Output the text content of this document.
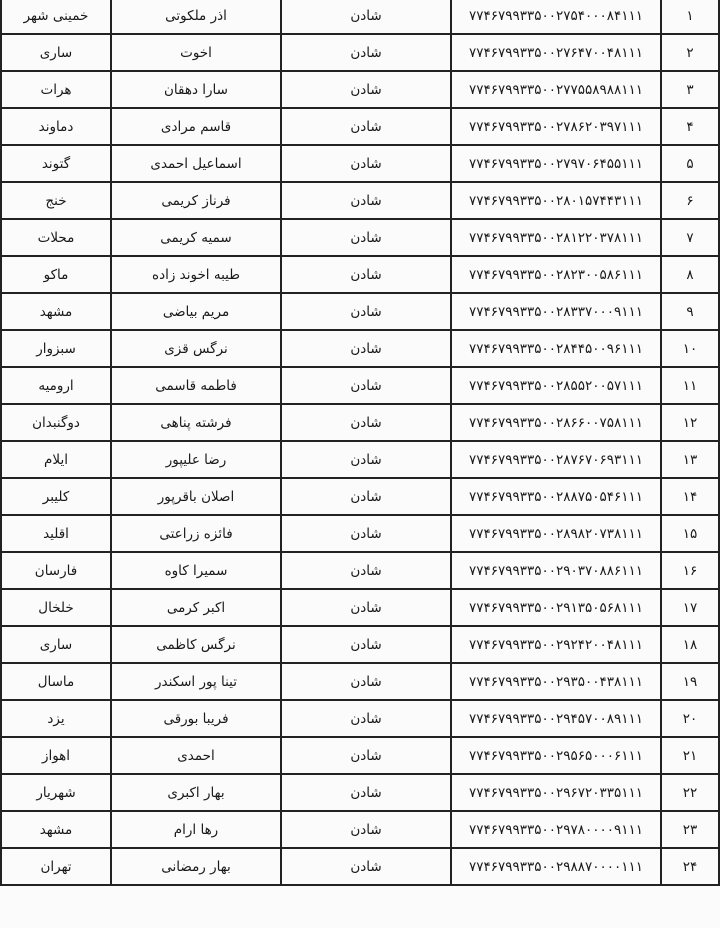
۱	۷۷۴۶۷۹۹۳۳۵۰۰۲۷۵۴۰۰۰۸۴۱۱۱	شادن	اذر ملکوتی	خمینی شهر
۲	۷۷۴۶۷۹۹۳۳۵۰۰۲۷۶۴۷۰۰۴۸۱۱۱	شادن	اخوت	ساری
۳	۷۷۴۶۷۹۹۳۳۵۰۰۲۷۷۵۵۸۹۸۸۱۱۱	شادن	سارا دهقان	هرات
۴	۷۷۴۶۷۹۹۳۳۵۰۰۲۷۸۶۲۰۳۹۷۱۱۱	شادن	قاسم مرادی	دماوند
۵	۷۷۴۶۷۹۹۳۳۵۰۰۲۷۹۷۰۶۴۵۵۱۱۱	شادن	اسماعیل احمدی	گتوند
۶	۷۷۴۶۷۹۹۳۳۵۰۰۲۸۰۱۵۷۴۴۳۱۱۱	شادن	فرناز کریمی	خنج
۷	۷۷۴۶۷۹۹۳۳۵۰۰۲۸۱۲۲۰۳۷۸۱۱۱	شادن	سمیه کریمی	محلات
۸	۷۷۴۶۷۹۹۳۳۵۰۰۲۸۲۳۰۰۵۸۶۱۱۱	شادن	طیبه اخوند زاده	ماکو
۹	۷۷۴۶۷۹۹۳۳۵۰۰۲۸۳۳۷۰۰۰۹۱۱۱	شادن	مریم بیاضی	مشهد
۱۰	۷۷۴۶۷۹۹۳۳۵۰۰۲۸۴۴۵۰۰۹۶۱۱۱	شادن	نرگس قزی	سبزوار
۱۱	۷۷۴۶۷۹۹۳۳۵۰۰۲۸۵۵۲۰۰۵۷۱۱۱	شادن	فاطمه قاسمی	ارومیه
۱۲	۷۷۴۶۷۹۹۳۳۵۰۰۲۸۶۶۰۰۷۵۸۱۱۱	شادن	فرشته پناهی	دوگنبدان
۱۳	۷۷۴۶۷۹۹۳۳۵۰۰۲۸۷۶۷۰۶۹۳۱۱۱	شادن	رضا علیپور	ایلام
۱۴	۷۷۴۶۷۹۹۳۳۵۰۰۲۸۸۷۵۰۵۴۶۱۱۱	شادن	اصلان باقرپور	کلیبر
۱۵	۷۷۴۶۷۹۹۳۳۵۰۰۲۸۹۸۲۰۷۳۸۱۱۱	شادن	فائزه زراعتی	اقلید
۱۶	۷۷۴۶۷۹۹۳۳۵۰۰۲۹۰۳۷۰۸۸۶۱۱۱	شادن	سمیرا کاوه	فارسان
۱۷	۷۷۴۶۷۹۹۳۳۵۰۰۲۹۱۳۵۰۵۶۸۱۱۱	شادن	اکبر کرمی	خلخال
۱۸	۷۷۴۶۷۹۹۳۳۵۰۰۲۹۲۴۲۰۰۴۸۱۱۱	شادن	نرگس کاظمی	ساری
۱۹	۷۷۴۶۷۹۹۳۳۵۰۰۲۹۳۵۰۰۴۳۸۱۱۱	شادن	تینا پور اسکندر	ماسال
۲۰	۷۷۴۶۷۹۹۳۳۵۰۰۲۹۴۵۷۰۰۸۹۱۱۱	شادن	فریبا بورقی	یزد
۲۱	۷۷۴۶۷۹۹۳۳۵۰۰۲۹۵۶۵۰۰۰۶۱۱۱	شادن	احمدی	اهواز
۲۲	۷۷۴۶۷۹۹۳۳۵۰۰۲۹۶۷۲۰۳۳۵۱۱۱	شادن	بهار اکبری	شهریار
۲۳	۷۷۴۶۷۹۹۳۳۵۰۰۲۹۷۸۰۰۰۰۹۱۱۱	شادن	رها ارام	مشهد
۲۴	۷۷۴۶۷۹۹۳۳۵۰۰۲۹۸۸۷۰۰۰۰۱۱۱	شادن	بهار رمضانی	تهران
